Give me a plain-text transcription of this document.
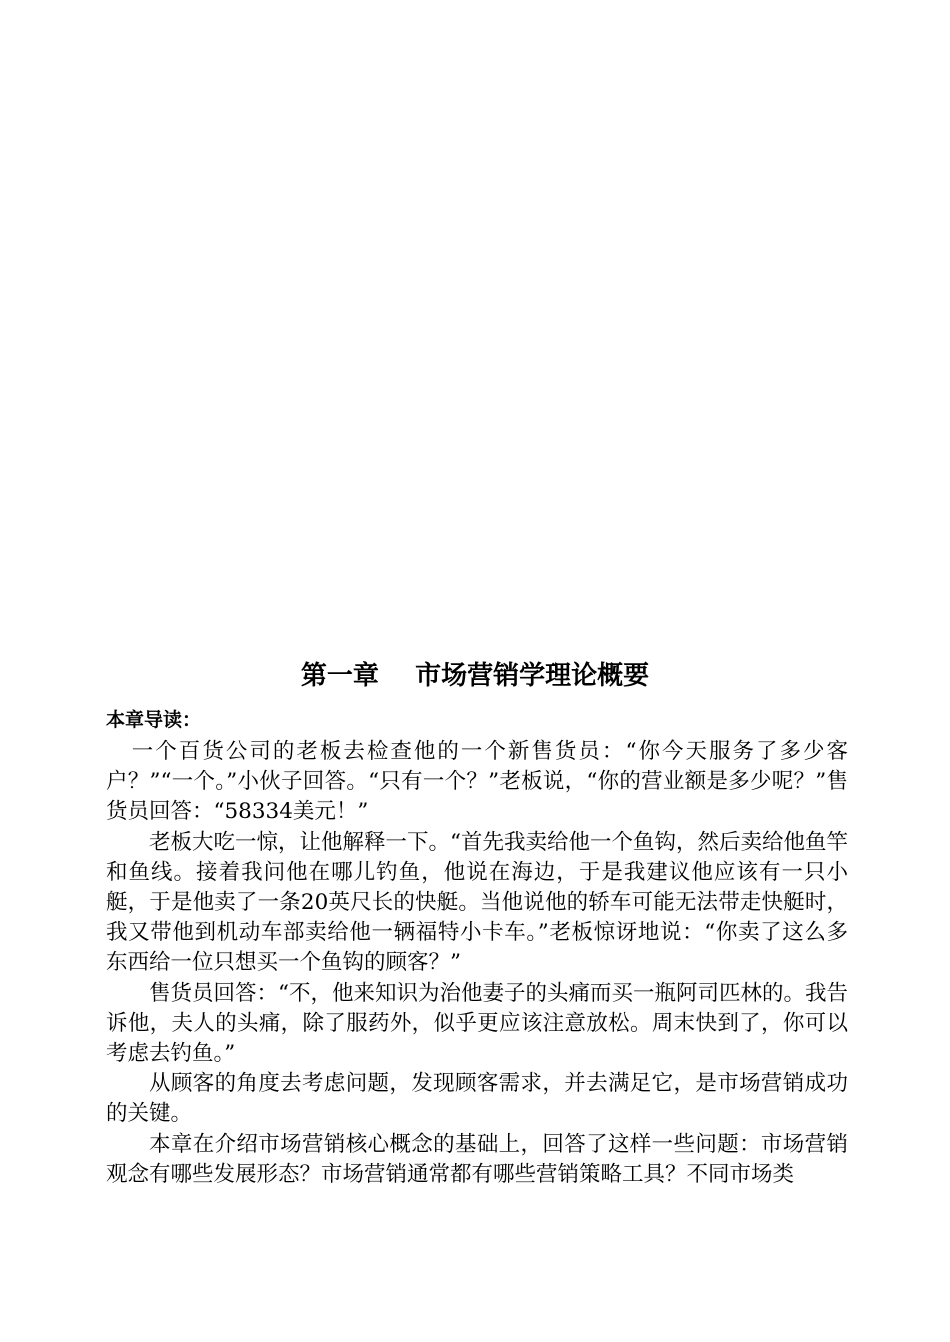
第一章    市场营销学理论概要
本章导读：

一个百货公司的老板去检查他的一个新售货员：“你今天服务了多少客户？”“一个。”小伙子回答。“只有一个？”老板说，“你的营业额是多少呢？”售货员回答：“58334美元！”

老板大吃一惊，让他解释一下。“首先我卖给他一个鱼钩，然后卖给他鱼竿和鱼线。接着我问他在哪儿钓鱼，他说在海边，于是我建议他应该有一只小艇，于是他卖了一条20英尺长的快艇。当他说他的轿车可能无法带走快艇时，我又带他到机动车部卖给他一辆福特小卡车。”老板惊讶地说：“你卖了这么多东西给一位只想买一个鱼钩的顾客？”

售货员回答：“不，他来知识为治他妻子的头痛而买一瓶阿司匹林的。我告诉他，夫人的头痛，除了服药外，似乎更应该注意放松。周末快到了，你可以考虑去钓鱼。”

从顾客的角度去考虑问题，发现顾客需求，并去满足它，是市场营销成功的关键。

本章在介绍市场营销核心概念的基础上，回答了这样一些问题：市场营销观念有哪些发展形态？市场营销通常都有哪些营销策略工具？不同市场类
